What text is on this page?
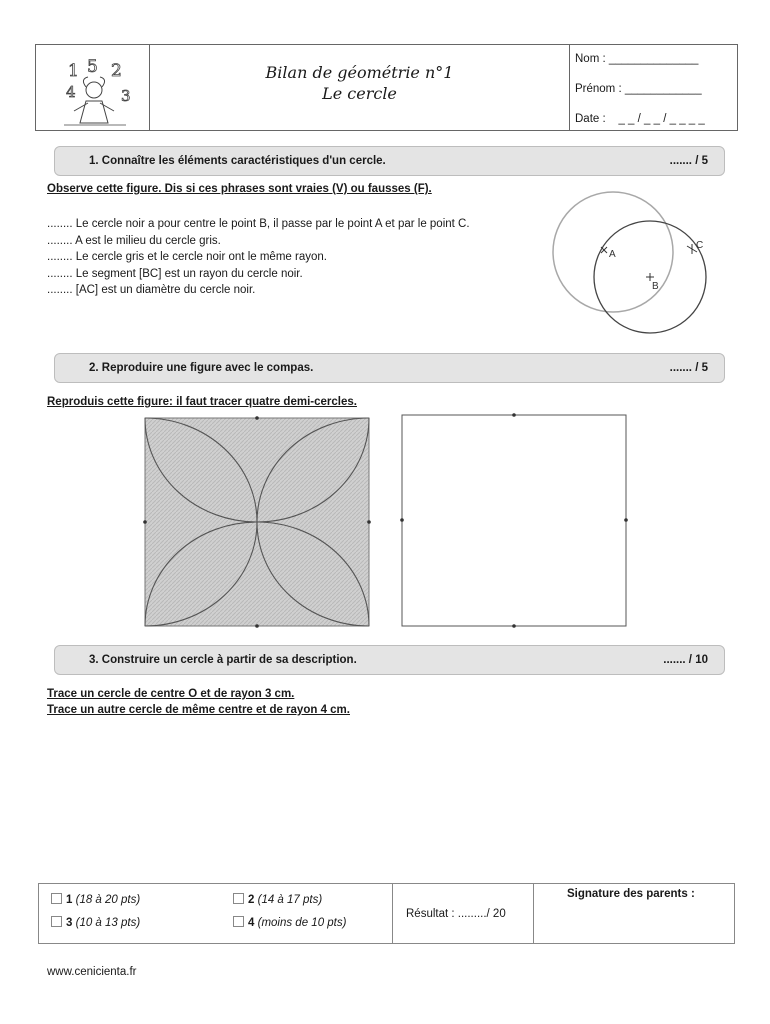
1 5 2
4	3
Bilan de géométrie n°1
Le cercle
Nom : ______________
Prénom : ____________
Date :    _ _ / _ _ / _ _ _ _
1. Connaître les éléments caractéristiques d'un cercle.	....... / 5
Observe cette figure. Dis si ces phrases sont vraies (V) ou fausses (F).
........ Le cercle noir a pour centre le point B, il passe par le point A et par le point C.
........ A est le milieu du cercle gris.
........ Le cercle gris et le cercle noir ont le même rayon.
........ Le segment [BC] est un rayon du cercle noir.
........ [AC] est un diamètre du cercle noir.
A
B
C
2. Reproduire une figure avec le compas.	....... / 5
Reproduis cette figure: il faut tracer quatre demi-cercles.
3. Construire un cercle à partir de sa description.	....... / 10
Trace un cercle de centre O et de rayon 3 cm.
Trace un autre cercle de même centre et de rayon 4 cm.
1 (18 à 20 pts)	2 (14 à 17 pts)
3 (10 à 13 pts)	4 (moins de 10 pts)
Résultat : ........./ 20
Signature des parents :
www.cenicienta.fr
